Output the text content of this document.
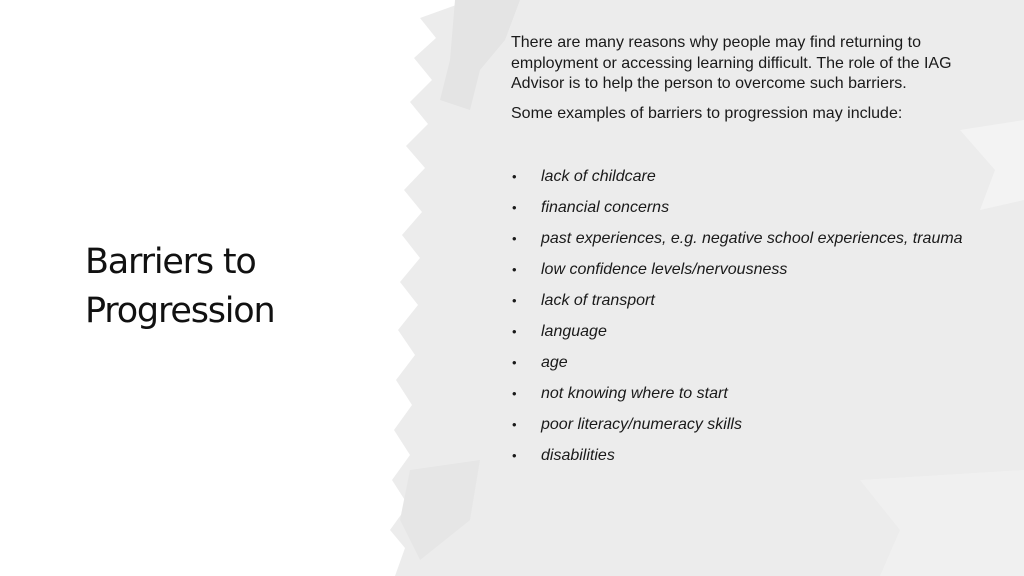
Barriers to Progression

There are many reasons why people may find returning to employment or accessing learning difficult. The role of the IAG Advisor is to help the person to overcome such barriers.

Some examples of barriers to progression may include:

• lack of childcare
• financial concerns
• past experiences, e.g. negative school experiences, trauma
• low confidence levels/nervousness
• lack of transport
• language
• age
• not knowing where to start
• poor literacy/numeracy skills
• disabilities
